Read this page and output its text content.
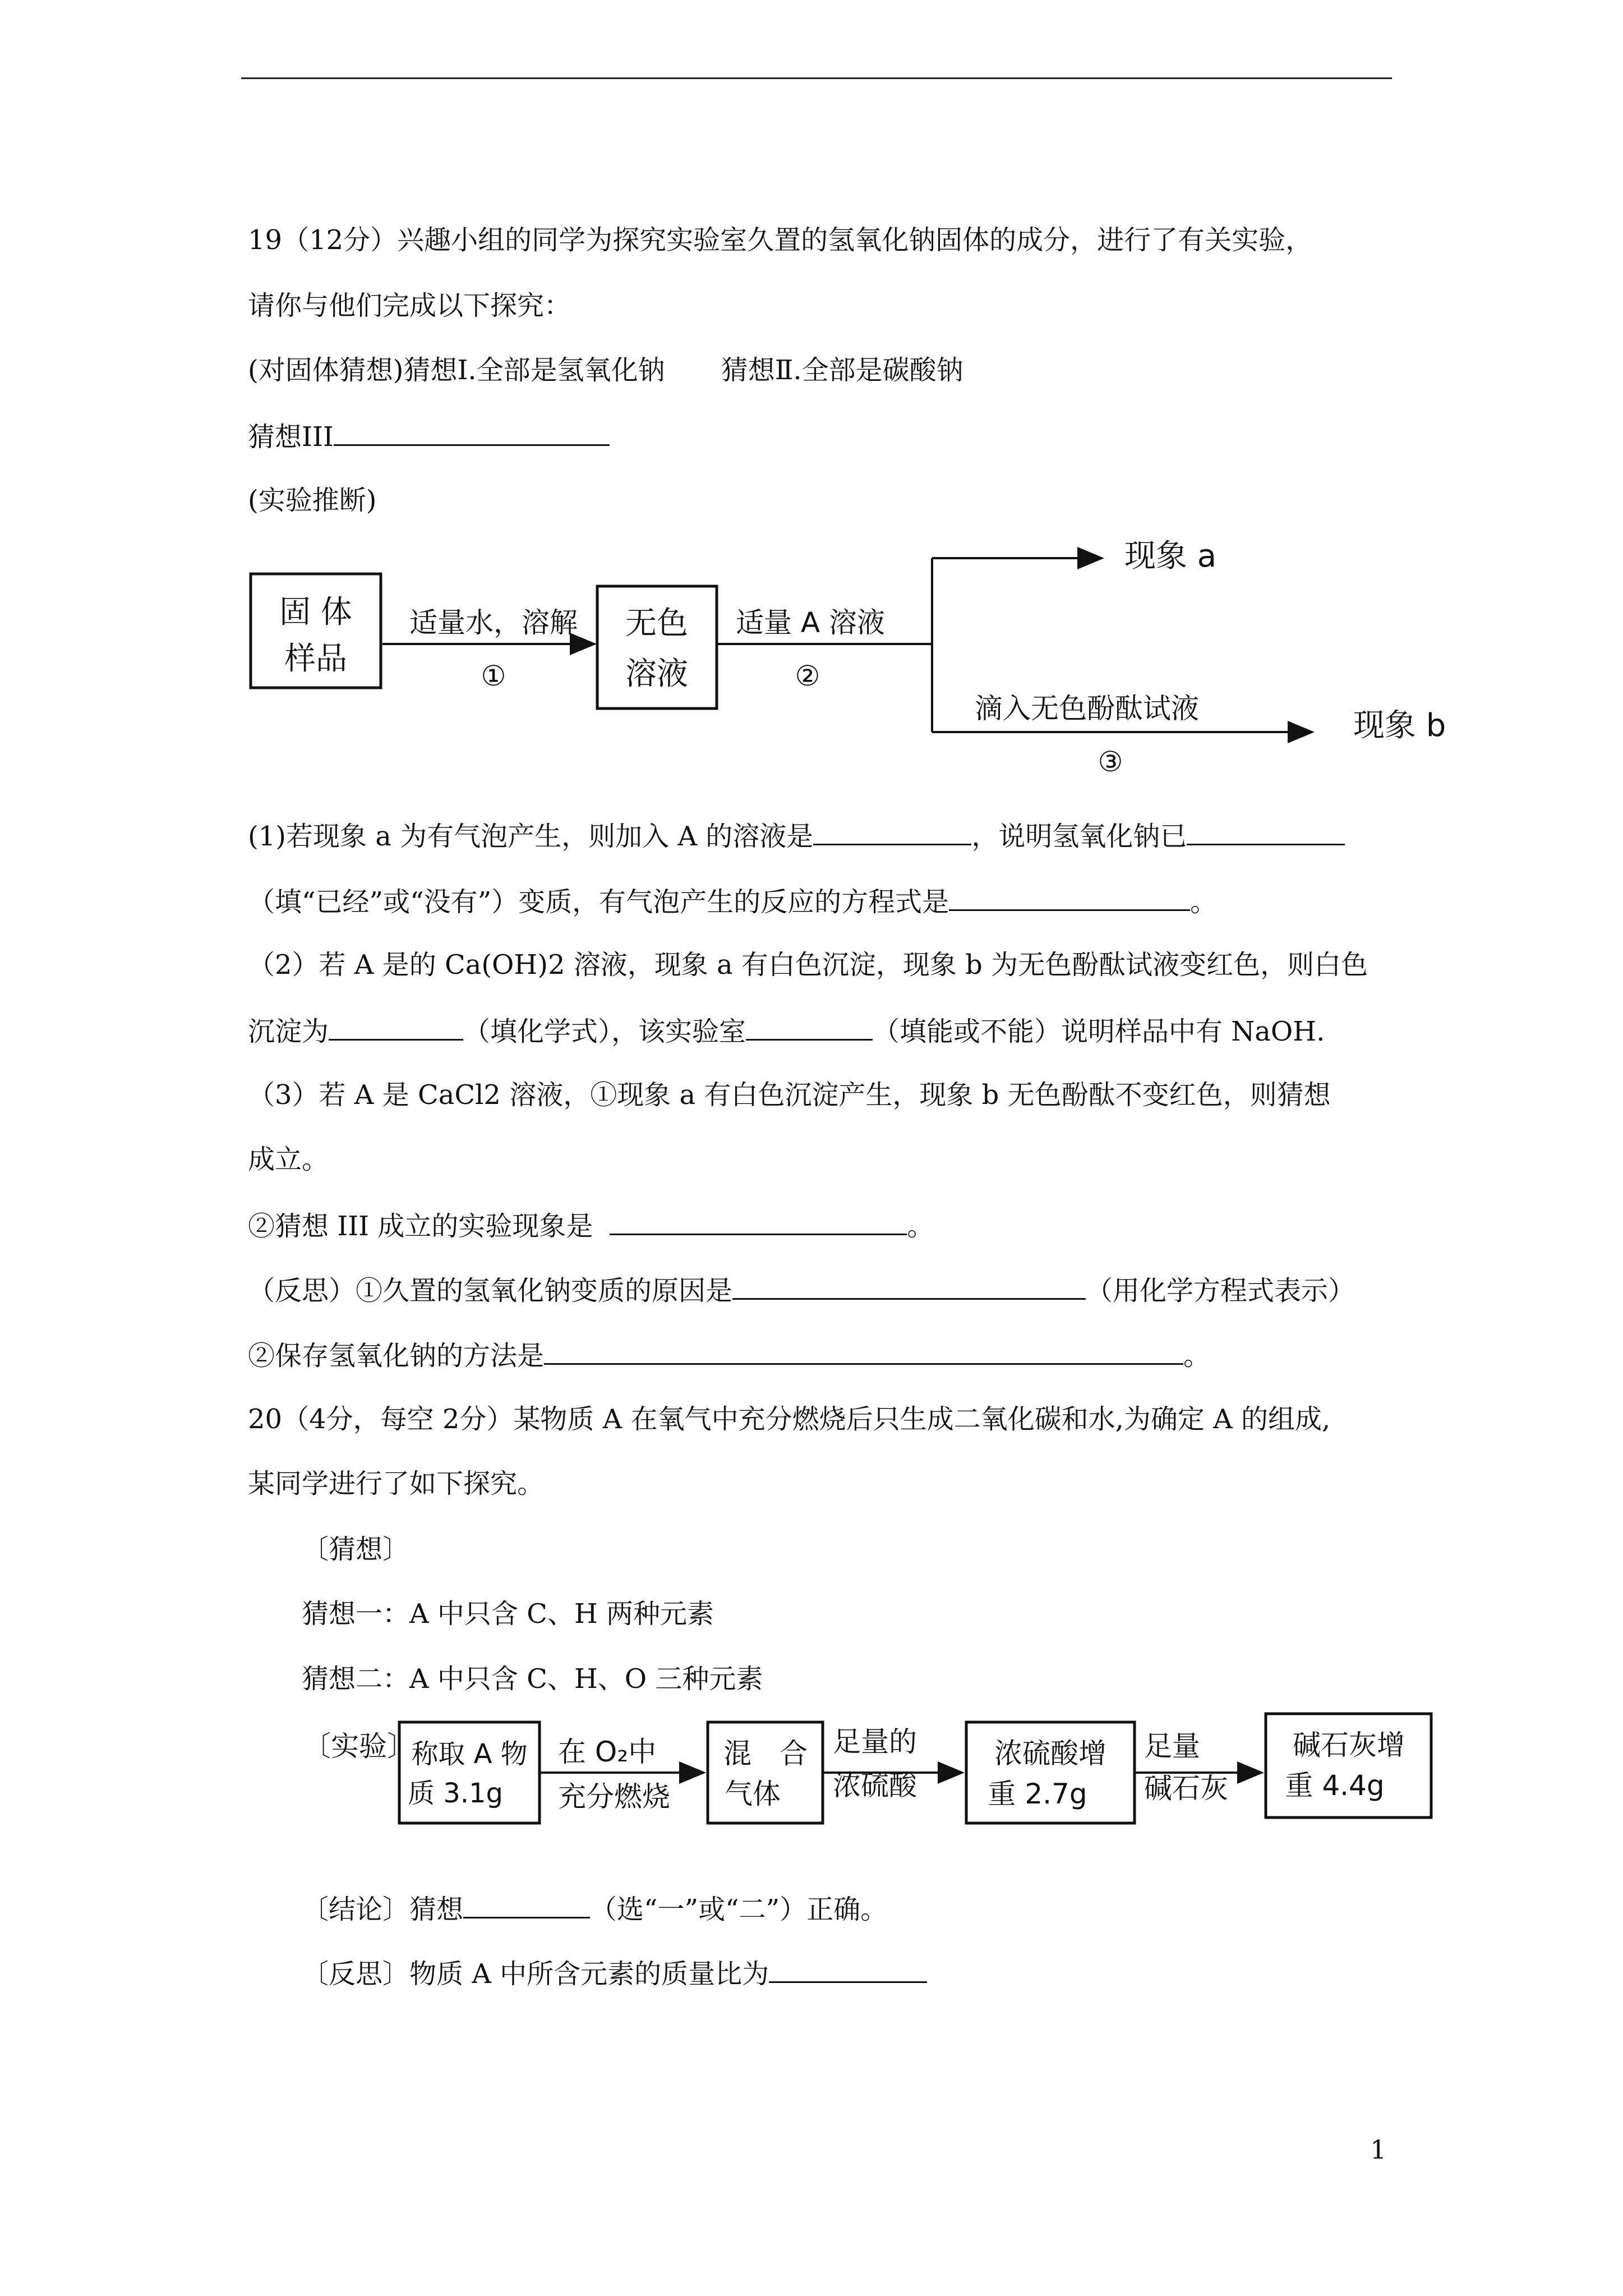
19（12分）兴趣小组的同学为探究实验室久置的氢氧化钠固体的成分，进行了有关实验，
请你与他们完成以下探究：
(对固体猜想)猜想Ⅰ.全部是氢氧化钠 猜想Ⅱ.全部是碳酸钠
猜想III
(实验推断)
固 体
样品
适量水，溶解
①
无色
溶液
适量 A 溶液
②
现象 a
滴入无色酚酞试液
③
现象 b
(1)若现象 a 为有气泡产生，则加入 A 的溶液是	，说明氢氧化钠已
（填“已经”或“没有”）变质，有气泡产生的反应的方程式是	。
（2）若 A 是的 Ca(OH)2 溶液，现象 a 有白色沉淀，现象 b 为无色酚酞试液变红色，则白色
沉淀为	（填化学式），该实验室	（填能或不能）说明样品中有 NaOH.
（3）若 A 是 CaCl2 溶液，①现象 a 有白色沉淀产生，现象 b 无色酚酞不变红色，则猜想
成立。
②猜想 III 成立的实验现象是	。
（反思）①久置的氢氧化钠变质的原因是	（用化学方程式表示）
②保存氢氧化钠的方法是	。
20（4分，每空 2分）某物质 A 在氧气中充分燃烧后只生成二氧化碳和水,为确定 A 的组成,
某同学进行了如下探究。
〔猜想〕
猜想一：A 中只含 C、H 两种元素
猜想二：A 中只含 C、H、O 三种元素
〔实验〕
称取 A 物
质 3.1g
在 O₂中
充分燃烧
混　合
气体
足量的
浓硫酸
浓硫酸增
重 2.7g
足量
碱石灰
碱石灰增
重 4.4g
〔结论〕猜想	（选“一”或“二”）正确。
〔反思〕物质 A 中所含元素的质量比为
1
